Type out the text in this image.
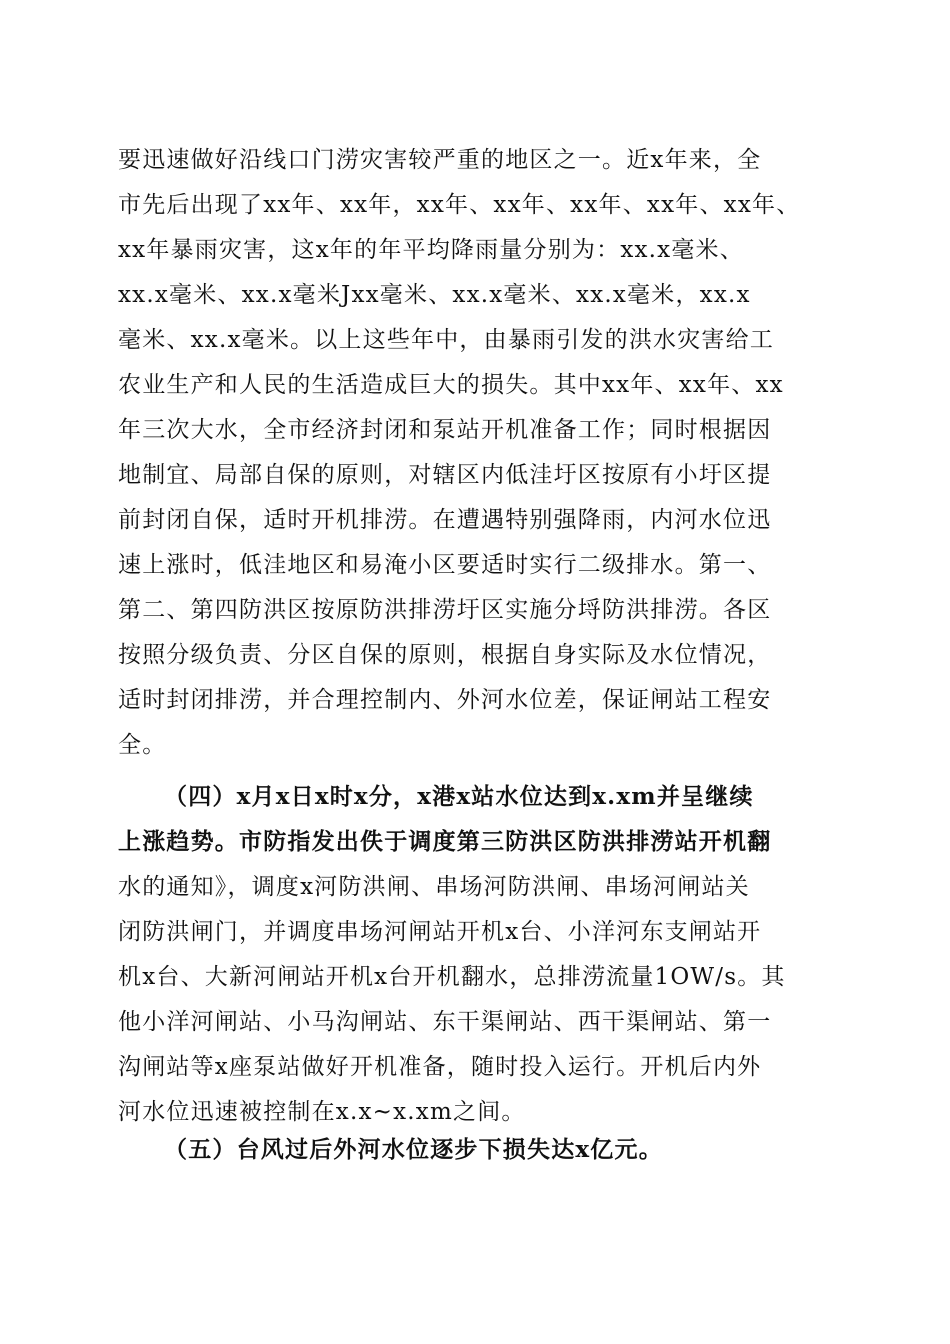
要迅速做好沿线口门涝灾害较严重的地区之一。近x年来，全
市先后出现了xx年、xx年，xx年、xx年、xx年、xx年、xx年、
xx年暴雨灾害，这x年的年平均降雨量分别为：xx.x毫米、
xx.x毫米、xx.x毫米Jxx毫米、xx.x毫米、xx.x毫米，xx.x
毫米、xx.x毫米。以上这些年中，由暴雨引发的洪水灾害给工
农业生产和人民的生活造成巨大的损失。其中xx年、xx年、xx
年三次大水，全市经济封闭和泵站开机准备工作；同时根据因
地制宜、局部自保的原则，对辖区内低洼圩区按原有小圩区提
前封闭自保，适时开机排涝。在遭遇特别强降雨，内河水位迅
速上涨时，低洼地区和易淹小区要适时实行二级排水。第一、
第二、第四防洪区按原防洪排涝圩区实施分埒防洪排涝。各区
按照分级负责、分区自保的原则，根据自身实际及水位情况，
适时封闭排涝，并合理控制内、外河水位差，保证闸站工程安
全。
（四）x月x日x时x分，x港x站水位达到x.xm并呈继续
上涨趋势。市防指发出佚于调度第三防洪区防洪排涝站开机翻
水的通知》，调度x河防洪闸、串场河防洪闸、串场河闸站关
闭防洪闸门，并调度串场河闸站开机x台、小洋河东支闸站开
机x台、大新河闸站开机x台开机翻水，总排涝流量1OW/s。其
他小洋河闸站、小马沟闸站、东干渠闸站、西干渠闸站、第一
沟闸站等x座泵站做好开机准备，随时投入运行。开机后内外
河水位迅速被控制在x.x~x.xm之间。
（五）台风过后外河水位逐步下损失达x亿元。
